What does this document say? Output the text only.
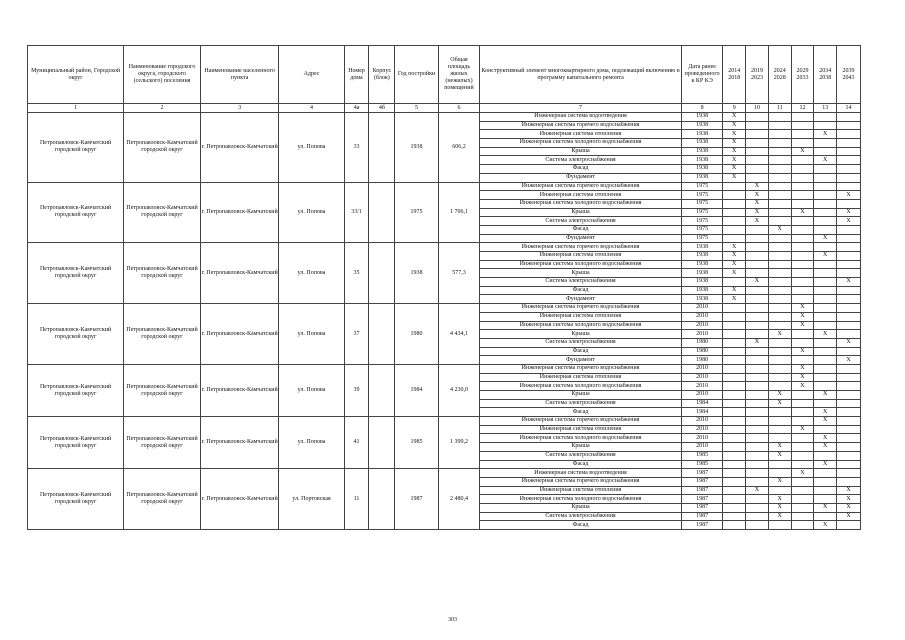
Муниципальный район, Городской округ	Наименование городского округа, городского (сельского) поселения	Наименование населенного пункта	Адрес	Номер дома	Корпус (блок)	Год постройки	Общая площадь жилых (нежилых) помещений	Конструктивный элемент многоквартирного дома, подлежащий включению в программу капитального ремонта	Дата ранее проведенного к КР КЭ	2014 2018	2019 2023	2024 2028	2029 2033	2034 2038	2039 2043
1	2	3	4	4а	4б	5	6	7	8	9	10	11	12	13	14
Петропавловск-Камчатский городской округ	Петропавловск-Камчатский городской округ	г. Петропавловск-Камчатский	ул. Попова	33		1938	606,2	Инженерная система водоотведения	1938	X					
								Инженерная система горячего водоснабжения	1938	X					
								Инженерная система отопления	1938	X				X	
								Инженерная система холодного водоснабжения	1938	X					
								Крыша	1938	X			X		
								Система электроснабжения	1938	X				X	
								Фасад	1938	X					
								Фундамент	1938	X					
Петропавловск-Камчатский городской округ	Петропавловск-Камчатский городской округ	г. Петропавловск-Камчатский	ул. Попова	33/1		1975	1 706,1	Инженерная система горячего водоснабжения	1975		X				
								Инженерная система отопления	1975		X				X
								Инженерная система холодного водоснабжения	1975		X				
								Крыша	1975		X		X		X
								Система электроснабжения	1975		X				X
								Фасад	1975			X			
								Фундамент	1975					X	
Петропавловск-Камчатский городской округ	Петропавловск-Камчатский городской округ	г. Петропавловск-Камчатский	ул. Попова	35		1938	577,3	Инженерная система горячего водоснабжения	1938	X					
								Инженерная система отопления	1938	X				X	
								Инженерная система холодного водоснабжения	1938	X					
								Крыша	1938	X					
								Система электроснабжения	1938		X				X
								Фасад	1938	X					
								Фундамент	1938	X					
Петропавловск-Камчатский городской округ	Петропавловск-Камчатский городской округ	г. Петропавловск-Камчатский	ул. Попова	37		1980	4 434,1	Инженерная система горячего водоснабжения	2010				X		
								Инженерная система отопления	2010				X		
								Инженерная система холодного водоснабжения	2010				X		
								Крыша	2010			X		X	
								Система электроснабжения	1980		X				X
								Фасад	1980				X		
								Фундамент	1980						X
Петропавловск-Камчатский городской округ	Петропавловск-Камчатский городской округ	г. Петропавловск-Камчатский	ул. Попова	39		1984	4 230,0	Инженерная система горячего водоснабжения	2010				X		
								Инженерная система отопления	2010				X		
								Инженерная система холодного водоснабжения	2010				X		
								Крыша	2010			X		X	
								Система электроснабжения	1984			X			
								Фасад	1984					X	
Петропавловск-Камчатский городской округ	Петропавловск-Камчатский городской округ	г. Петропавловск-Камчатский	ул. Попова	41		1985	1 399,2	Инженерная система горячего водоснабжения	2010					X	
								Инженерная система отопления	2010				X		
								Инженерная система холодного водоснабжения	2010					X	
								Крыша	2010			X		X	
								Система электроснабжения	1985			X			
								Фасад	1985					X	
Петропавловск-Камчатский городской округ	Петропавловск-Камчатский городской округ	г. Петропавловск-Камчатский	ул. Портовская	11		1987	2 480,4	Инженерная система водоотведения	1987				X		
								Инженерная система горячего водоснабжения	1987			X			
								Инженерная система отопления	1987		X				X
								Инженерная система холодного водоснабжения	1987			X			X
								Крыша	1987			X		X	X
								Система электроснабжения	1987			X			X
								Фасад	1987					X	
303
